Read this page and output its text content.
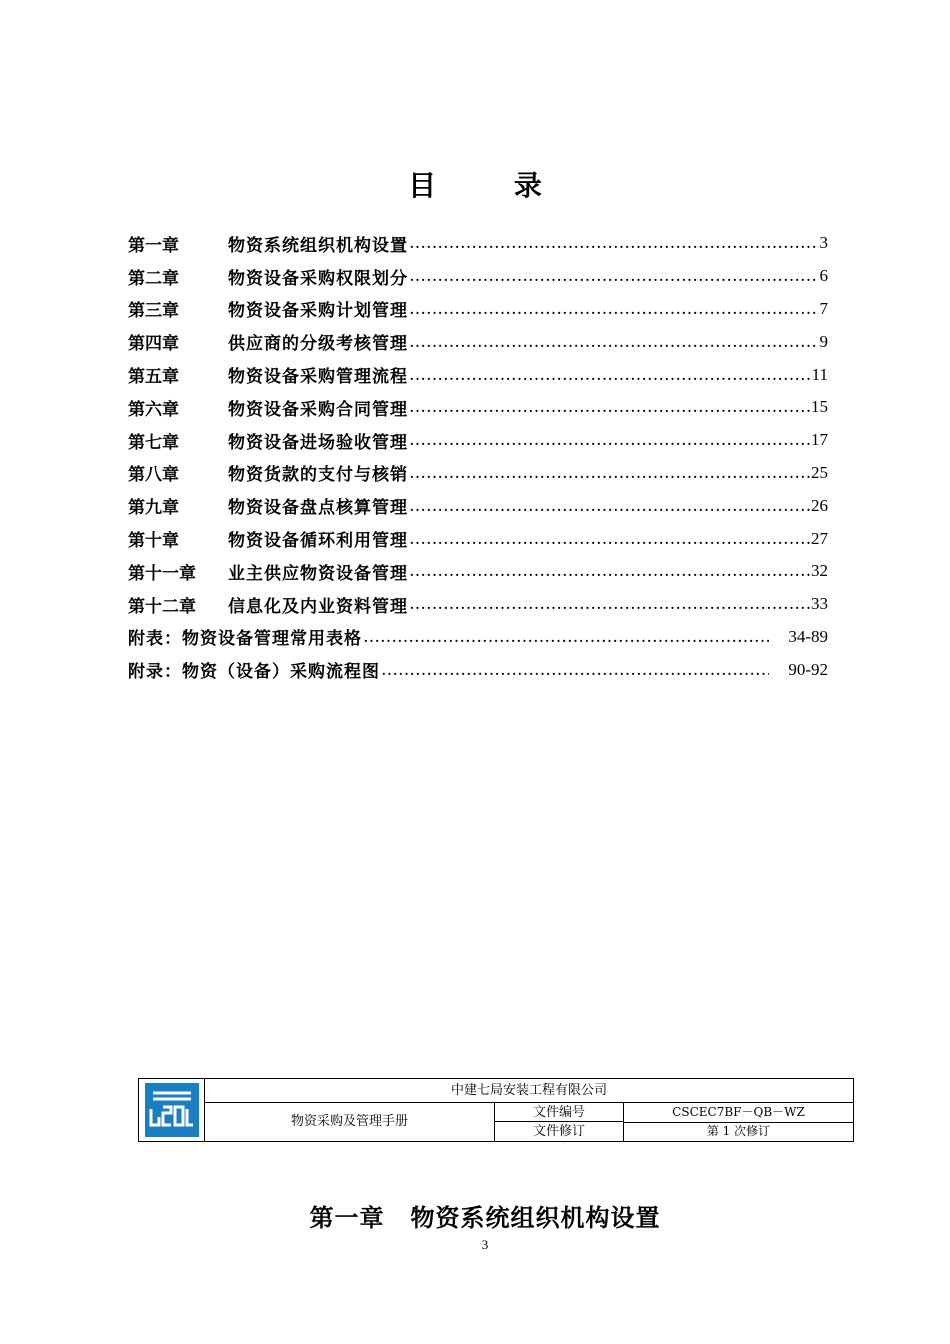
目 录
第一章	物资系统组织机构设置 …………………………………………………………………………………………………………………………………………………………	3
第二章	物资设备采购权限划分 …………………………………………………………………………………………………………………………………………………………	6
第三章	物资设备采购计划管理 …………………………………………………………………………………………………………………………………………………………	7
第四章	供应商的分级考核管理 …………………………………………………………………………………………………………………………………………………………	9
第五章	物资设备采购管理流程 …………………………………………………………………………………………………………………………………………………………	11
第六章	物资设备采购合同管理 …………………………………………………………………………………………………………………………………………………………	15
第七章	物资设备进场验收管理 …………………………………………………………………………………………………………………………………………………………	17
第八章	物资货款的支付与核销 …………………………………………………………………………………………………………………………………………………………	25
第九章	物资设备盘点核算管理 …………………………………………………………………………………………………………………………………………………………	26
第十章	物资设备循环利用管理 …………………………………………………………………………………………………………………………………………………………	27
第十一章	业主供应物资设备管理 …………………………………………………………………………………………………………………………………………………………	32
第十二章	信息化及内业资料管理 …………………………………………………………………………………………………………………………………………………………	33
附表：物资设备管理常用表格 …………………………………………………………………………………………………………………………………………………………	34-89
附录：物资（设备）采购流程图 …………………………………………………………………………………………………………………………………………………………	90-92
中建七局安装工程有限公司
物资采购及管理手册
文件编号	CSCEC7BF－QB－WZ
文件修订	第 1 次修订
第一章 物资系统组织机构设置
3
